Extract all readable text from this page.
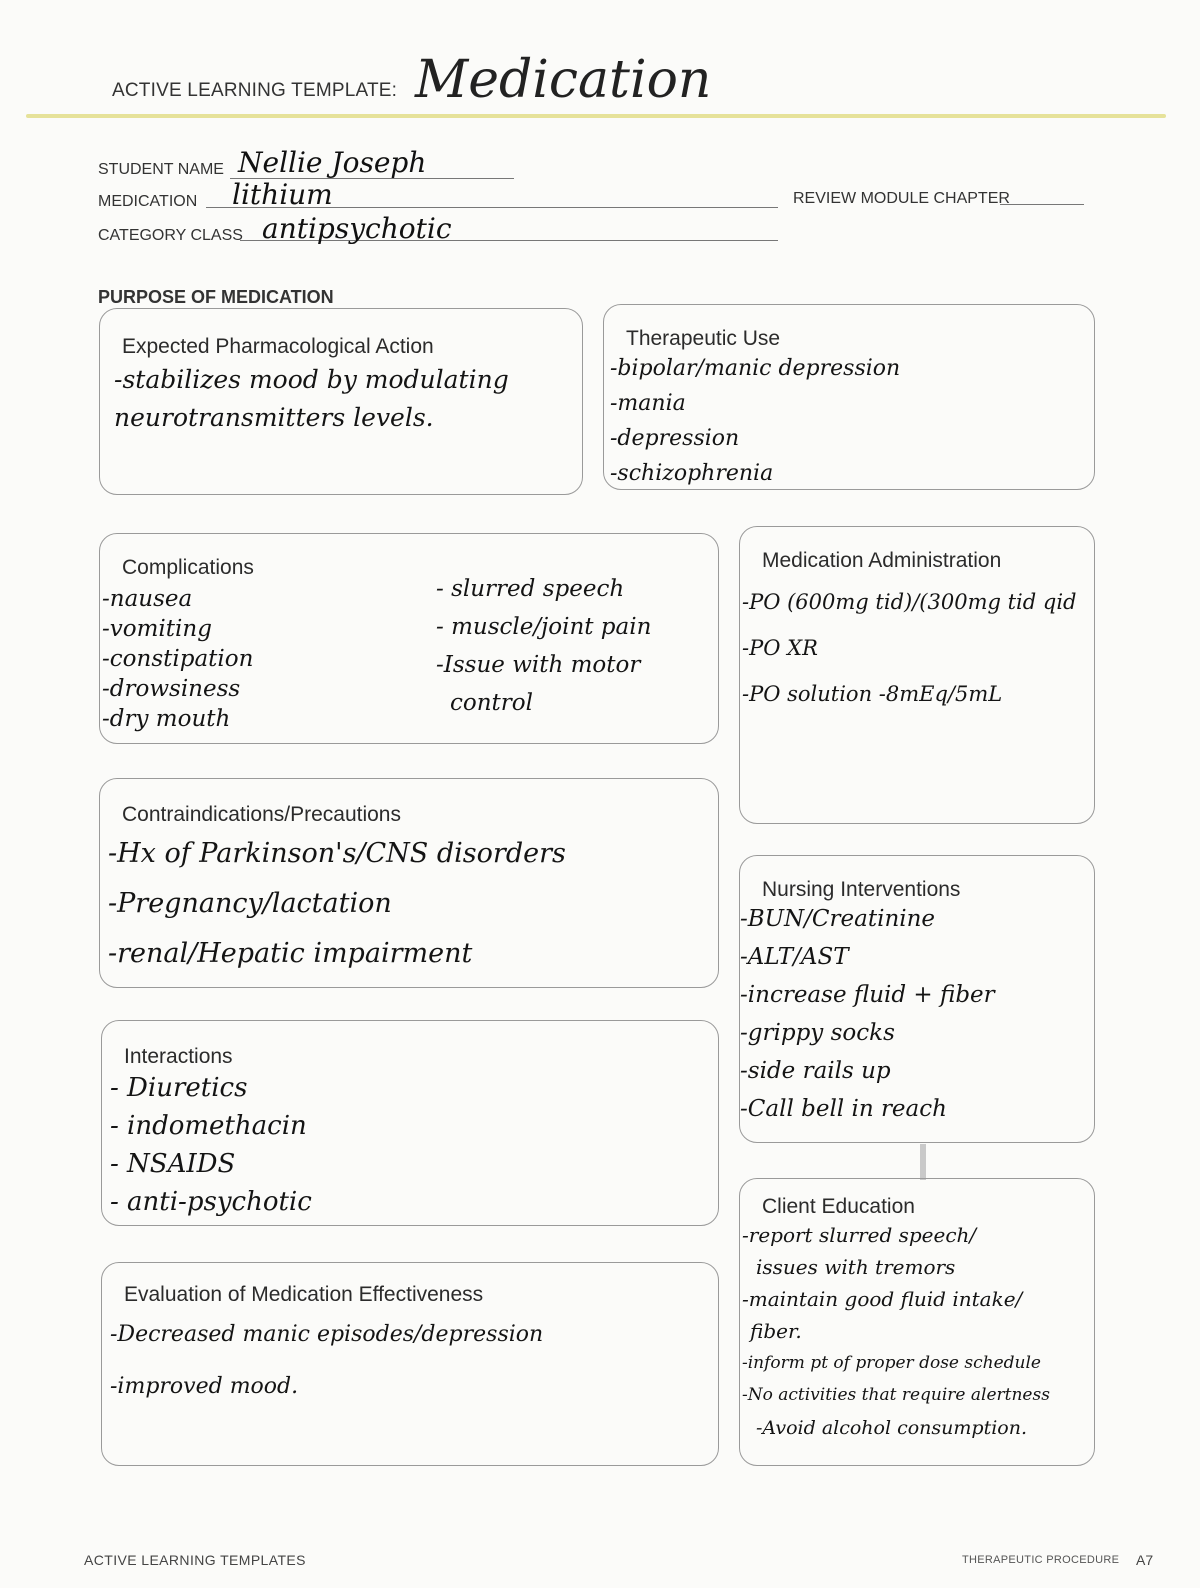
ACTIVE LEARNING TEMPLATE: Medication
STUDENT NAME Nellie Joseph
MEDICATION lithium	REVIEW MODULE CHAPTER
CATEGORY CLASS antipsychotic
PURPOSE OF MEDICATION
Expected Pharmacological Action
-stabilizes mood by modulating
neurotransmitters levels.
Therapeutic Use
-bipolar/manic depression
-mania
-depression
-schizophrenia
Complications
-nausea
-vomiting
-constipation
-drowsiness
-dry mouth
- slurred speech
- muscle/joint pain
-Issue with motor
control
Medication Administration
-PO (600mg tid)/(300mg tid qid
-PO XR
-PO solution -8mEq/5mL
Contraindications/Precautions
-Hx of Parkinson's/CNS disorders
-Pregnancy/lactation
-renal/Hepatic impairment
Nursing Interventions
-BUN/Creatinine
-ALT/AST
-increase fluid + fiber
-grippy socks
-side rails up
-Call bell in reach
Interactions
- Diuretics
- indomethacin
- NSAIDS
- anti-psychotic	Client Education
-report slurred speech/
issues with tremors
-maintain good fluid intake/
fiber.
-inform pt of proper dose schedule
-No activities that require alertness
-Avoid alcohol consumption.
Evaluation of Medication Effectiveness
-Decreased manic episodes/depression
-improved mood.
ACTIVE LEARNING TEMPLATES	THERAPEUTIC PROCEDURE A7
